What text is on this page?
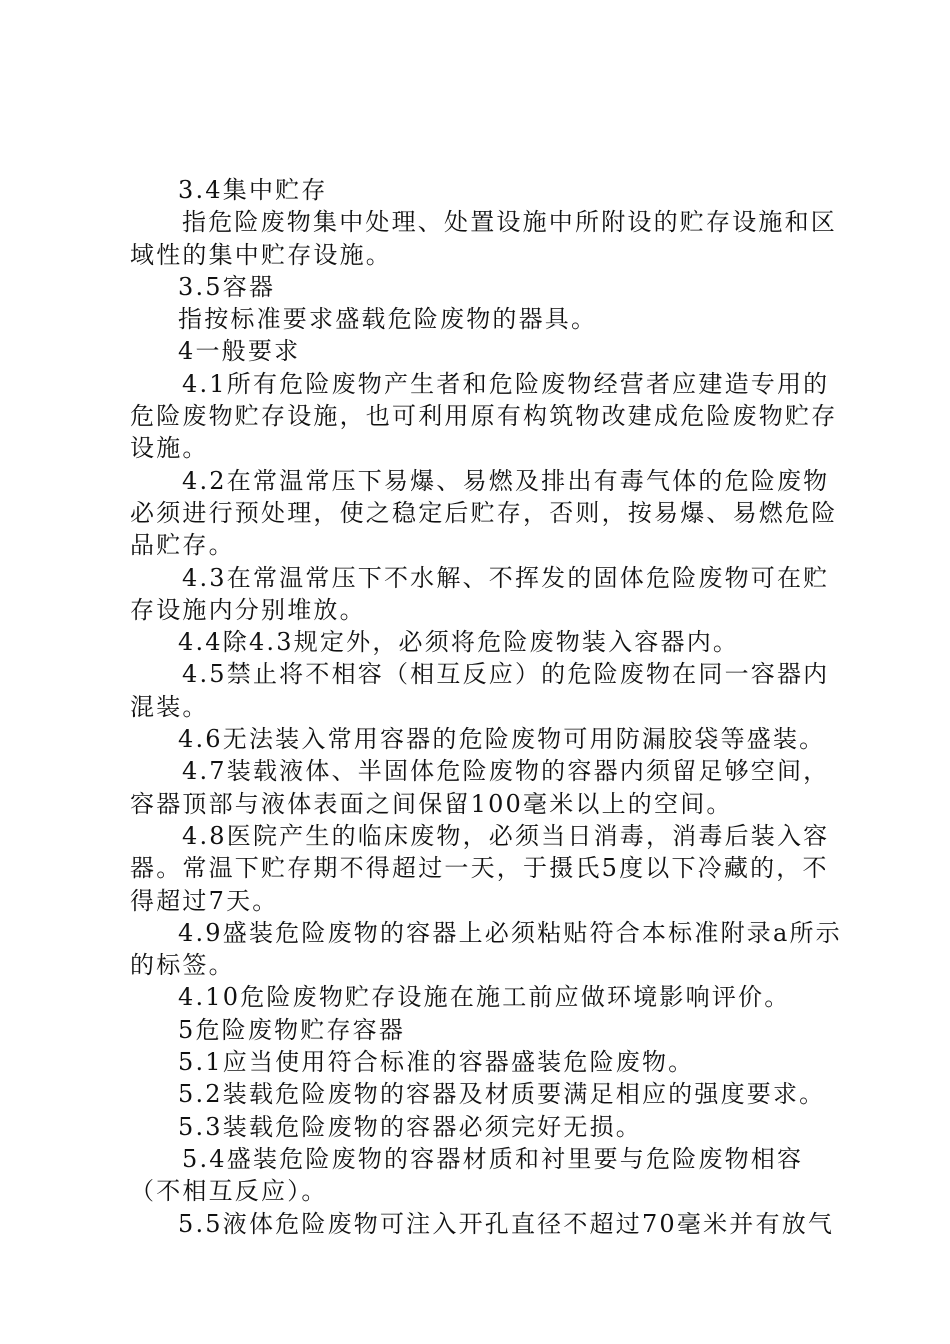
3.4集中贮存
指危险废物集中处理、处置设施中所附设的贮存设施和区
域性的集中贮存设施。
3.5容器
指按标准要求盛载危险废物的器具。
4一般要求
4.1所有危险废物产生者和危险废物经营者应建造专用的
危险废物贮存设施，也可利用原有构筑物改建成危险废物贮存
设施。
4.2在常温常压下易爆、易燃及排出有毒气体的危险废物
必须进行预处理，使之稳定后贮存，否则，按易爆、易燃危险
品贮存。
4.3在常温常压下不水解、不挥发的固体危险废物可在贮
存设施内分别堆放。
4.4除4.3规定外，必须将危险废物装入容器内。
4.5禁止将不相容（相互反应）的危险废物在同一容器内
混装。
4.6无法装入常用容器的危险废物可用防漏胶袋等盛装。
4.7装载液体、半固体危险废物的容器内须留足够空间，
容器顶部与液体表面之间保留100毫米以上的空间。
4.8医院产生的临床废物，必须当日消毒，消毒后装入容
器。常温下贮存期不得超过一天，于摄氏5度以下冷藏的，不
得超过7天。
4.9盛装危险废物的容器上必须粘贴符合本标准附录a所示
的标签。
4.10危险废物贮存设施在施工前应做环境影响评价。
5危险废物贮存容器
5.1应当使用符合标准的容器盛装危险废物。
5.2装载危险废物的容器及材质要满足相应的强度要求。
5.3装载危险废物的容器必须完好无损。
5.4盛装危险废物的容器材质和衬里要与危险废物相容
（不相互反应）。
5.5液体危险废物可注入开孔直径不超过70毫米并有放气
